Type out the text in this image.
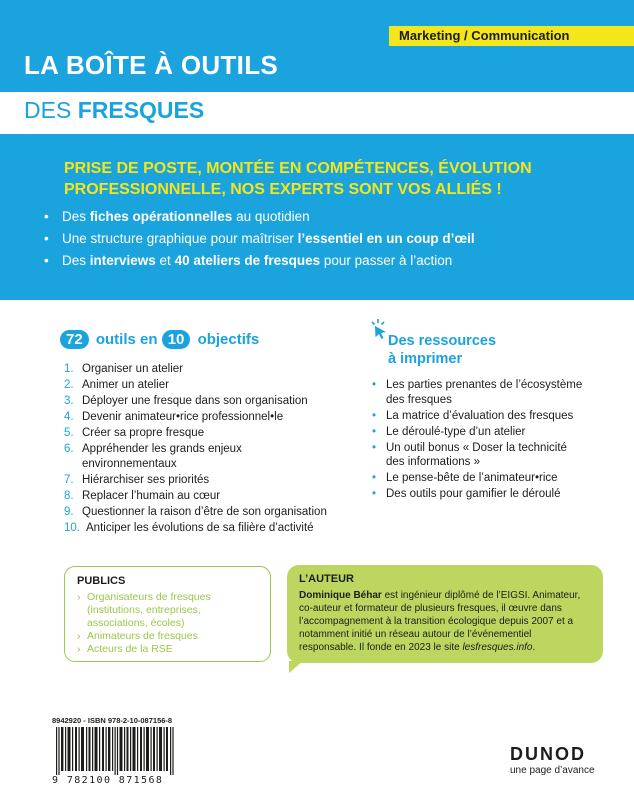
Marketing / Communication
LA BOÎTE À OUTILS
DES FRESQUES
PRISE DE POSTE, MONTÉE EN COMPÉTENCES, ÉVOLUTION PROFESSIONNELLE, NOS EXPERTS SONT VOS ALLIÉS !
• Des fiches opérationnelles au quotidien
• Une structure graphique pour maîtriser l’essentiel en un coup d’œil
• Des interviews et 40 ateliers de fresques pour passer à l’action
72 outils en 10 objectifs
1. Organiser un atelier
2. Animer un atelier
3. Déployer une fresque dans son organisation
4. Devenir animateur•rice professionnel•le
5. Créer sa propre fresque
6. Appréhender les grands enjeux environnementaux
7. Hiérarchiser ses priorités
8. Replacer l’humain au cœur
9. Questionner la raison d’être de son organisation
10. Anticiper les évolutions de sa filière d’activité
Des ressources
à imprimer
• Les parties prenantes de l’écosystème des fresques
• La matrice d’évaluation des fresques
• Le déroulé-type d’un atelier
• Un outil bonus « Doser la technicité des informations »
• Le pense-bête de l’animateur•rice
• Des outils pour gamifier le déroulé
PUBLICS
› Organisateurs de fresques (institutions, entreprises, associations, écoles)
› Animateurs de fresques
› Acteurs de la RSE
L’AUTEUR

Dominique Béhar est ingénieur diplômé de l’EIGSI. Animateur, co-auteur et formateur de plusieurs fresques, il œuvre dans l’accompagnement à la transition écologique depuis 2007 et a notamment initié un réseau autour de l’événementiel responsable. Il fonde en 2023 le site lesfresques.info.

8942920 - ISBN 978-2-10-087156-8
9 782100 871568
DUNOD
une page d’avance
